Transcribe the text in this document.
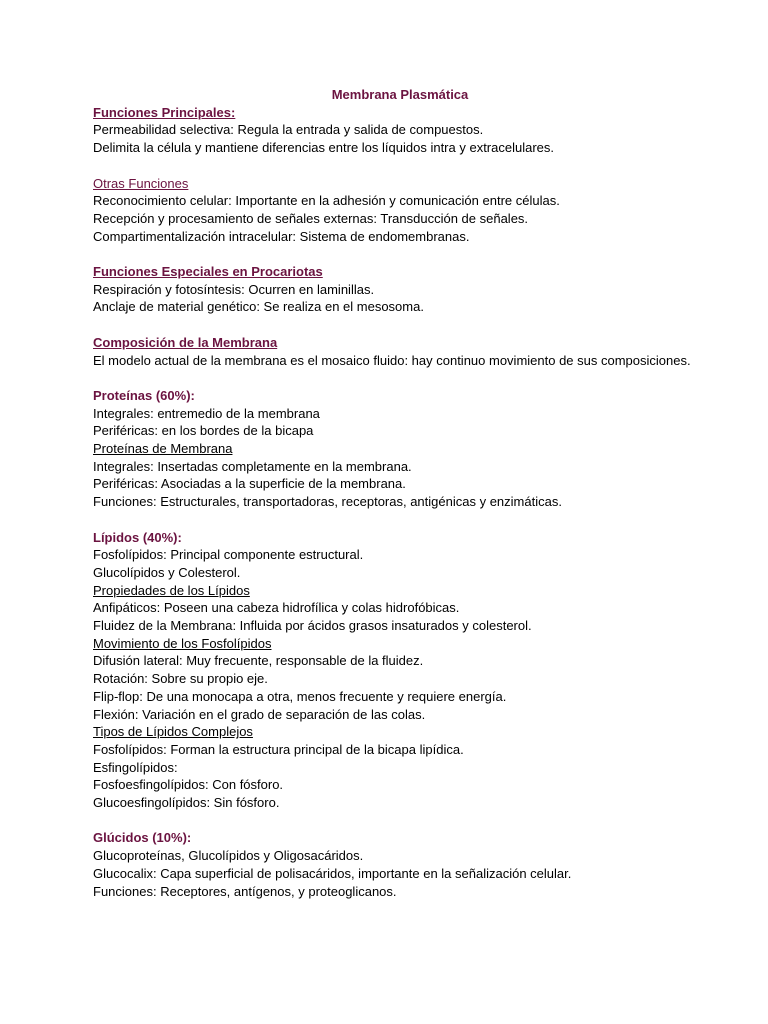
Membrana Plasmática
Funciones Principales:
Permeabilidad selectiva: Regula la entrada y salida de compuestos.
Delimita la célula y mantiene diferencias entre los líquidos intra y extracelulares.
Otras Funciones
Reconocimiento celular: Importante en la adhesión y comunicación entre células.
Recepción y procesamiento de señales externas: Transducción de señales.
Compartimentalización intracelular: Sistema de endomembranas.
Funciones Especiales en Procariotas
Respiración y fotosíntesis: Ocurren en laminillas.
Anclaje de material genético: Se realiza en el mesosoma.
Composición de la Membrana
El modelo actual de la membrana es el mosaico fluido: hay continuo movimiento de sus composiciones.
Proteínas (60%):
Integrales: entremedio de la membrana
Periféricas: en los bordes de la bicapa
Proteínas de Membrana
Integrales: Insertadas completamente en la membrana.
Periféricas: Asociadas a la superficie de la membrana.
Funciones: Estructurales, transportadoras, receptoras, antigénicas y enzimáticas.
Lípidos (40%):
Fosfolípidos: Principal componente estructural.
Glucolípidos y Colesterol.
Propiedades de los Lípidos
Anfipáticos: Poseen una cabeza hidrofílica y colas hidrofóbicas.
Fluidez de la Membrana: Influida por ácidos grasos insaturados y colesterol.
Movimiento de los Fosfolípidos
Difusión lateral: Muy frecuente, responsable de la fluidez.
Rotación: Sobre su propio eje.
Flip-flop: De una monocapa a otra, menos frecuente y requiere energía.
Flexión: Variación en el grado de separación de las colas.
Tipos de Lípidos Complejos
Fosfolípidos: Forman la estructura principal de la bicapa lipídica.
Esfingolípidos:
Fosfoesfingolípidos: Con fósforo.
Glucoesfingolípidos: Sin fósforo.
Glúcidos (10%):
Glucoproteínas, Glucolípidos y Oligosacáridos.
Glucocalix: Capa superficial de polisacáridos, importante en la señalización celular.
Funciones: Receptores, antígenos, y proteoglicanos.
